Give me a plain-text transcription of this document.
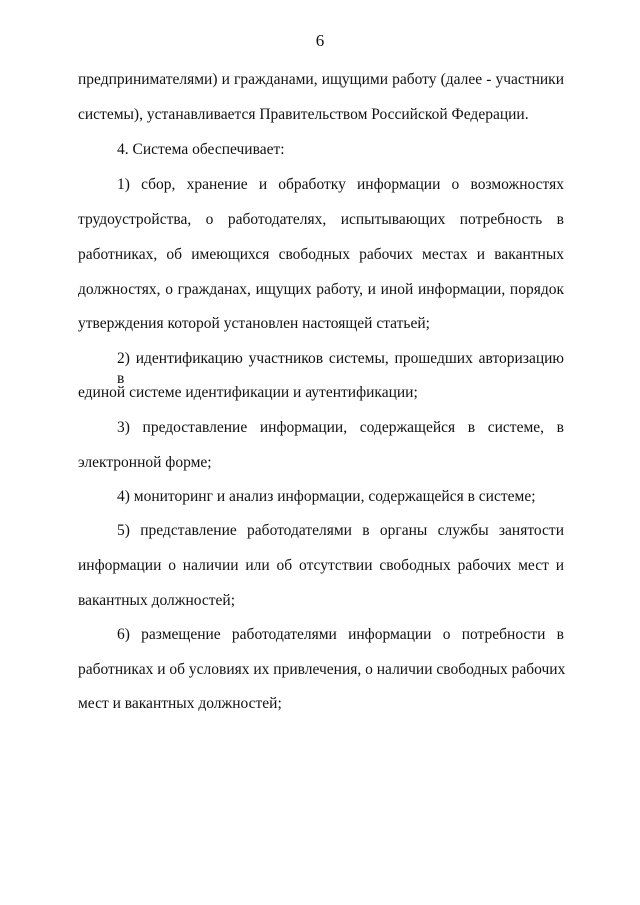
6
предпринимателями) и гражданами, ищущими работу (далее - участники
системы), устанавливается Правительством Российской Федерации.
4. Система обеспечивает:
1) сбор, хранение и обработку информации о возможностях
трудоустройства, о работодателях, испытывающих потребность в
работниках, об имеющихся свободных рабочих местах и вакантных
должностях, о гражданах, ищущих работу, и иной информации, порядок
утверждения которой установлен настоящей статьей;
2) идентификацию участников системы, прошедших авторизацию в
единой системе идентификации и аутентификации;
3) предоставление информации, содержащейся в системе, в
электронной форме;
4) мониторинг и анализ информации, содержащейся в системе;
5) представление работодателями в органы службы занятости
информации о наличии или об отсутствии свободных рабочих мест и
вакантных должностей;
6) размещение работодателями информации о потребности в
работниках и об условиях их привлечения, о наличии свободных рабочих
мест и вакантных должностей;
